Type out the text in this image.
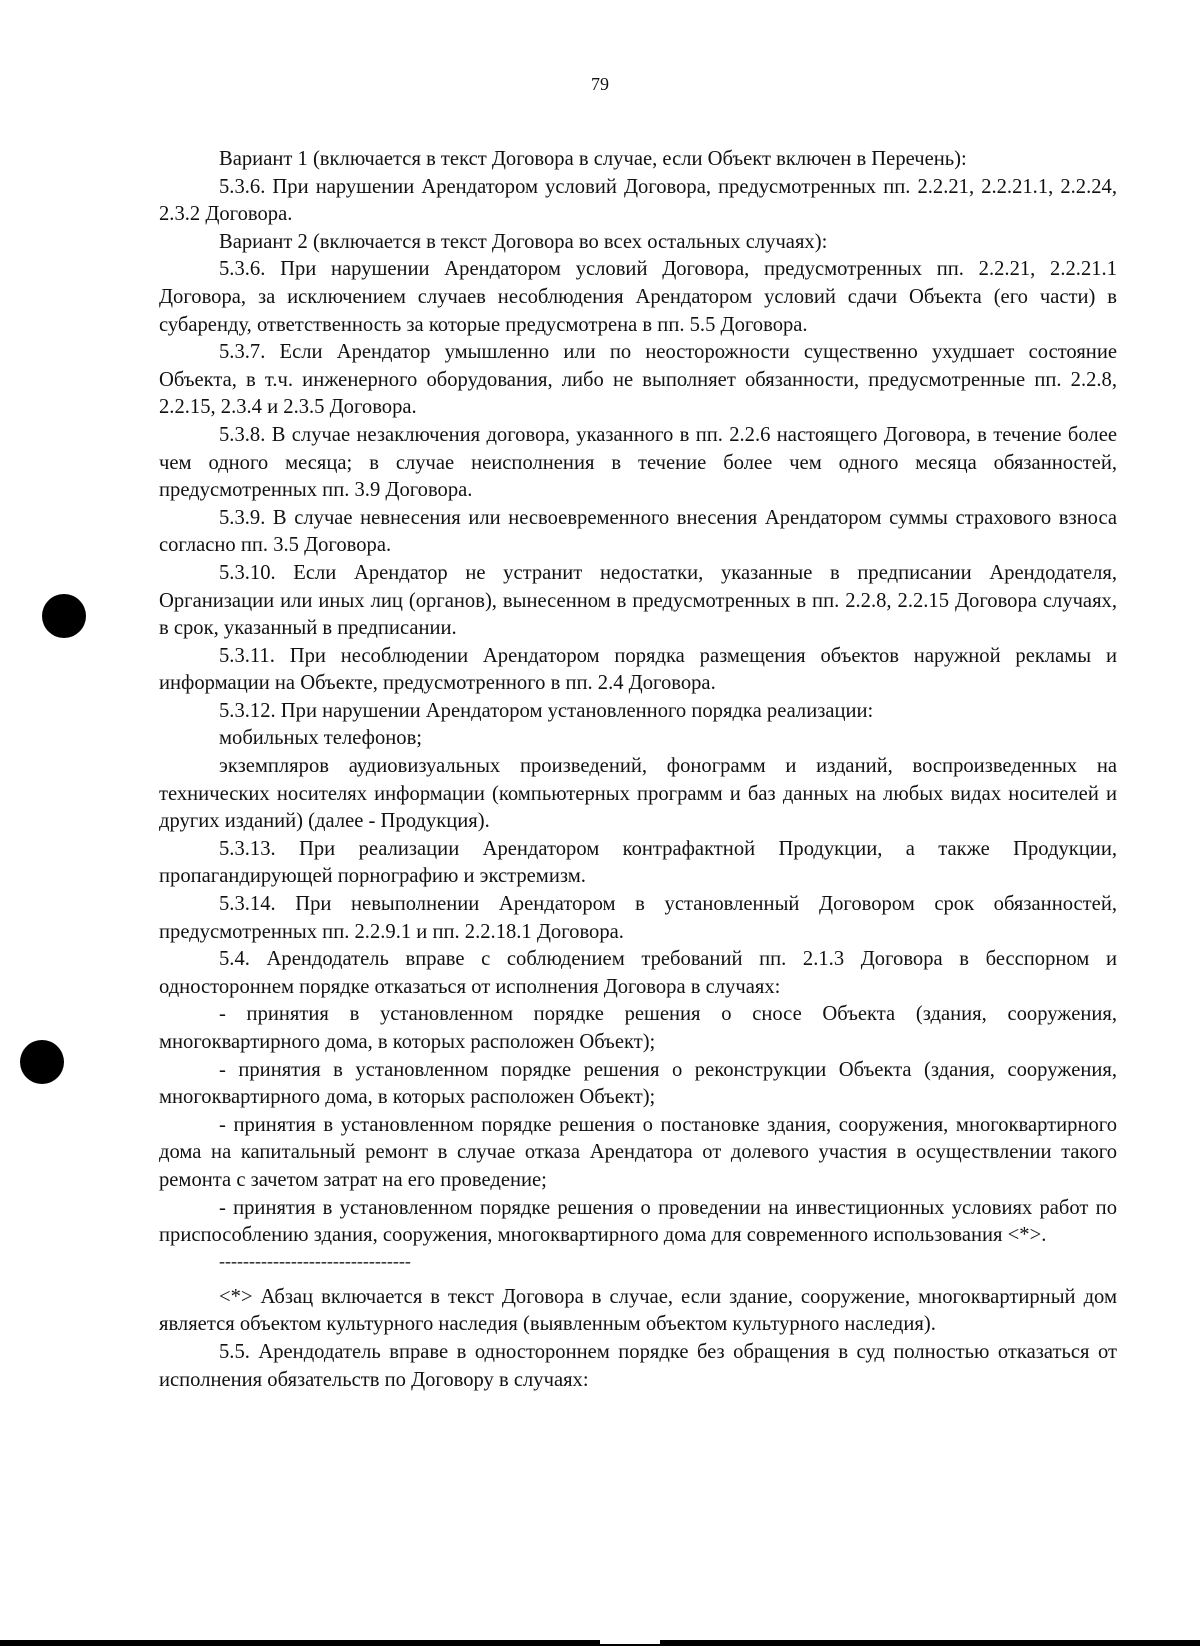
79

Вариант 1 (включается в текст Договора в случае, если Объект включен в Перечень):

5.3.6. При нарушении Арендатором условий Договора, предусмотренных пп. 2.2.21, 2.2.21.1, 2.2.24, 2.3.2 Договора.

Вариант 2 (включается в текст Договора во всех остальных случаях):

5.3.6. При нарушении Арендатором условий Договора, предусмотренных пп. 2.2.21, 2.2.21.1 Договора, за исключением случаев несоблюдения Арендатором условий сдачи Объекта (его части) в субаренду, ответственность за которые предусмотрена в пп. 5.5 Договора.

5.3.7. Если Арендатор умышленно или по неосторожности существенно ухудшает состояние Объекта, в т.ч. инженерного оборудования, либо не выполняет обязанности, предусмотренные пп. 2.2.8, 2.2.15, 2.3.4 и 2.3.5 Договора.

5.3.8. В случае незаключения договора, указанного в пп. 2.2.6 настоящего Договора, в течение более чем одного месяца; в случае неисполнения в течение более чем одного месяца обязанностей, предусмотренных пп. 3.9 Договора.

5.3.9. В случае невнесения или несвоевременного внесения Арендатором суммы страхового взноса согласно пп. 3.5 Договора.

5.3.10. Если Арендатор не устранит недостатки, указанные в предписании Арендодателя, Организации или иных лиц (органов), вынесенном в предусмотренных в пп. 2.2.8, 2.2.15 Договора случаях, в срок, указанный в предписании.

5.3.11. При несоблюдении Арендатором порядка размещения объектов наружной рекламы и информации на Объекте, предусмотренного в пп. 2.4 Договора.

5.3.12. При нарушении Арендатором установленного порядка реализации:

мобильных телефонов;

экземпляров аудиовизуальных произведений, фонограмм и изданий, воспроизведенных на технических носителях информации (компьютерных программ и баз данных на любых видах носителей и других изданий) (далее - Продукция).

5.3.13. При реализации Арендатором контрафактной Продукции, а также Продукции, пропагандирующей порнографию и экстремизм.

5.3.14. При невыполнении Арендатором в установленный Договором срок обязанностей, предусмотренных пп. 2.2.9.1 и пп. 2.2.18.1 Договора.

5.4. Арендодатель вправе с соблюдением требований пп. 2.1.3 Договора в бесспорном и одностороннем порядке отказаться от исполнения Договора в случаях:

- принятия в установленном порядке решения о сносе Объекта (здания, сооружения, многоквартирного дома, в которых расположен Объект);

- принятия в установленном порядке решения о реконструкции Объекта (здания, сооружения, многоквартирного дома, в которых расположен Объект);

- принятия в установленном порядке решения о постановке здания, сооружения, многоквартирного дома на капитальный ремонт в случае отказа Арендатора от долевого участия в осуществлении такого ремонта с зачетом затрат на его проведение;

- принятия в установленном порядке решения о проведении на инвестиционных условиях работ по приспособлению здания, сооружения, многоквартирного дома для современного использования <*>.

--------------------------------

<*> Абзац включается в текст Договора в случае, если здание, сооружение, многоквартирный дом является объектом культурного наследия (выявленным объектом культурного наследия).

5.5. Арендодатель вправе в одностороннем порядке без обращения в суд полностью отказаться от исполнения обязательств по Договору в случаях:
